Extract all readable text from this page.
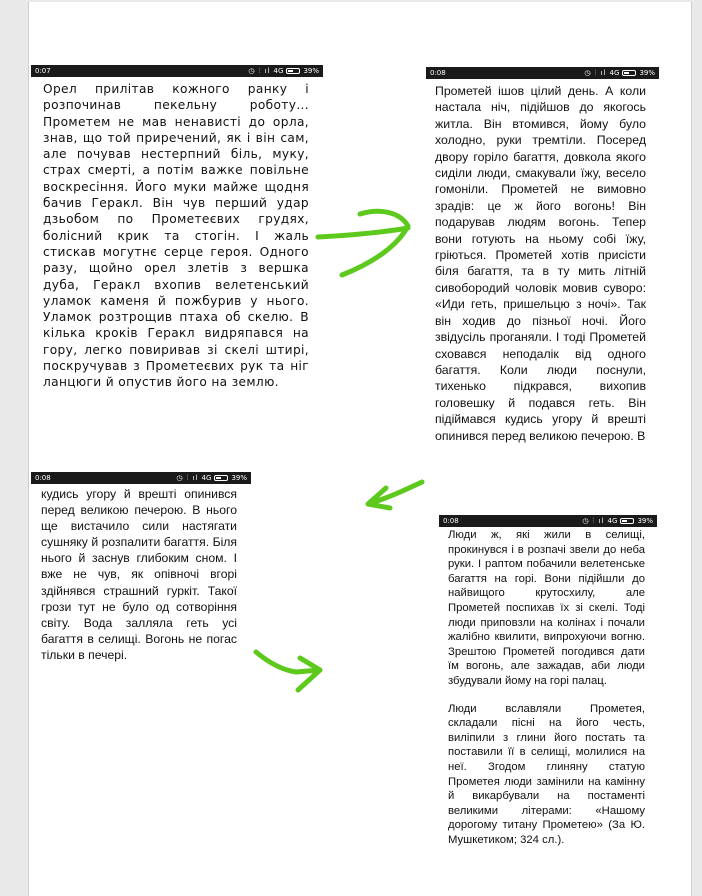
0:07	◷ ⫶ ıl 4G	39%
Орел прилітав кожного ранку і розпочинав пекельну роботу... Прометем не мав ненависті до орла, знав, що той приречений, як і він сам, але почував нестерпний біль, муку, страх смерті, а потім важке повільне воскресіння. Його муки майже щодня бачив Геракл. Він чув перший удар дзьобом по Прометеєвих грудях, болісний крик та стогін. І жаль стискав могутнє серце героя. Одного разу, щойно орел злетів з вершка дуба, Геракл вхопив велетенський уламок каменя й пожбурив у нього. Уламок розтрощив птаха об скелю. В кілька кроків Геракл видряпався на гору, легко повиривав зі скелі штирі, поскручував з Прометеєвих рук та ніг ланцюги й опустив його на землю.
0:08	◷ ⫶ ıl 4G	39%
Прометей ішов цілий день. А коли настала ніч, підійшов до якогось житла. Він втомився, йому було холодно, руки тремтіли. Посеред двору горіло багаття, довкола якого сиділи люди, смакували їжу, весело гомоніли. Прометей не вимовно зрадів: це ж його вогонь! Він подарував людям вогонь. Тепер вони готують на ньому собі їжу, гріються. Прометей хотів присісти біля багаття, та в ту мить літній сивобородий чоловік мовив суворо: «Иди геть, пришельцю з ночі». Так він ходив до пізньої ночі. Його звідусіль проганяли. І тоді Прометей сховався неподалік від одного багаття. Коли люди поснули, тихенько підкрався, вихопив головешку й подався геть. Він підіймався кудись угору й врешті опинився перед великою печерою. В
0:08	◷ ⫶ ıl 4G	39%
кудись угору й врешті опинився перед великою печерою. В нього ще вистачило сили настягати сушняку й розпалити багаття. Біля нього й заснув глибоким сном. І вже не чув, як опівночі вгорі здійнявся страшний гуркіт. Такої грози тут не було од сотворіння світу. Вода залляла геть усі багаття в селищі. Вогонь не погас тільки в печері.
0:08	◷ ⫶ ıl 4G	39%

Люди ж, які жили в селищі, прокинувся і в розпачі звели до неба руки. І раптом побачили велетенське багаття на горі. Вони підійшли до найвищого крутосхилу, але Прометей поспихав їх зі скелі. Тоді люди приповзли на колінах і почали жалібно квилити, випрохуючи вогню. Зрештою Прометей погодився дати їм вогонь, але зажадав, аби люди збудували йому на горі палац.

Люди вславляли Прометея, складали пісні на його честь, виліпили з глини його постать та поставили її в селищі, молилися на неї. Згодом глиняну статую Прометея люди замінили на камінну й викарбували на постаменті великими літерами: «Нашому дорогому титану Прометею» (За Ю. Мушкетиком; 324 сл.).
